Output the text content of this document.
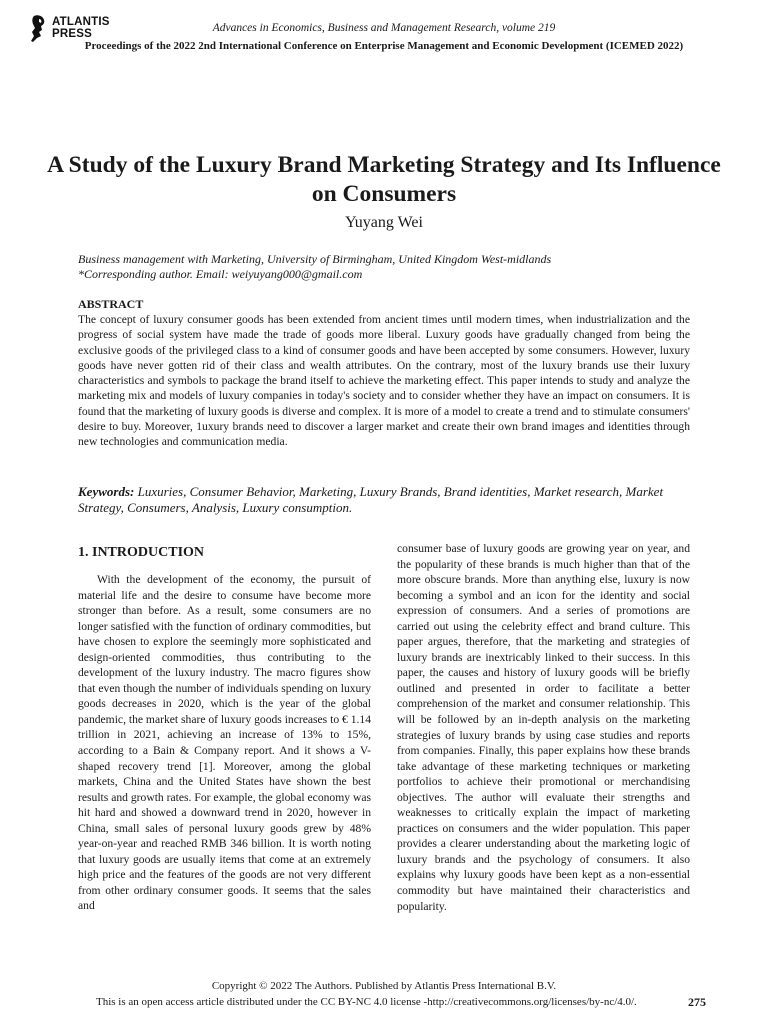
ATLANTIS
PRESS	Advances in Economics, Business and Management Research, volume 219
Proceedings of the 2022 2nd International Conference on Enterprise Management and Economic Development (ICEMED 2022)
A Study of the Luxury Brand Marketing Strategy and Its Influence on Consumers
Yuyang Wei
Business management with Marketing, University of Birmingham, United Kingdom West-midlands
*Corresponding author. Email: weiyuyang000@gmail.com
ABSTRACT

The concept of luxury consumer goods has been extended from ancient times until modern times, when industrialization and the progress of social system have made the trade of goods more liberal. Luxury goods have gradually changed from being the exclusive goods of the privileged class to a kind of consumer goods and have been accepted by some consumers. However, luxury goods have never gotten rid of their class and wealth attributes. On the contrary, most of the luxury brands use their luxury characteristics and symbols to package the brand itself to achieve the marketing effect. This paper intends to study and analyze the marketing mix and models of luxury companies in today's society and to consider whether they have an impact on consumers. It is found that the marketing of luxury goods is diverse and complex. It is more of a model to create a trend and to stimulate consumers' desire to buy. Moreover, 1uxury brands need to discover a larger market and create their own brand images and identities through new technologies and communication media.

Keywords: Luxuries, Consumer Behavior, Marketing, Luxury Brands, Brand identities, Market research, Market Strategy, Consumers, Analysis, Luxury consumption.

1. INTRODUCTION

With the development of the economy, the pursuit of material life and the desire to consume have become more stronger than before. As a result, some consumers are no longer satisfied with the function of ordinary commodities, but have chosen to explore the seemingly more sophisticated and design-oriented commodities, thus contributing to the development of the luxury industry. The macro figures show that even though the number of individuals spending on luxury goods decreases in 2020, which is the year of the global pandemic, the market share of luxury goods increases to € 1.14 trillion in 2021, achieving an increase of 13% to 15%, according to a Bain & Company report. And it shows a V-shaped recovery trend [1]. Moreover, among the global markets, China and the United States have shown the best results and growth rates. For example, the global economy was hit hard and showed a downward trend in 2020, however in China, small sales of personal luxury goods grew by 48% year-on-year and reached RMB 346 billion. It is worth noting that luxury goods are usually items that come at an extremely high price and the features of the goods are not very different from other ordinary consumer goods. It seems that the sales and

consumer base of luxury goods are growing year on year, and the popularity of these brands is much higher than that of the more obscure brands. More than anything else, luxury is now becoming a symbol and an icon for the identity and social expression of consumers. And a series of promotions are carried out using the celebrity effect and brand culture. This paper argues, therefore, that the marketing and strategies of luxury brands are inextricably linked to their success. In this paper, the causes and history of luxury goods will be briefly outlined and presented in order to facilitate a better comprehension of the market and consumer relationship. This will be followed by an in-depth analysis on the marketing strategies of luxury brands by using case studies and reports from companies. Finally, this paper explains how these brands take advantage of these marketing techniques or marketing portfolios to achieve their promotional or merchandising objectives. The author will evaluate their strengths and weaknesses to critically explain the impact of marketing practices on consumers and the wider population. This paper provides a clearer understanding about the marketing logic of luxury brands and the psychology of consumers. It also explains why luxury goods have been kept as a non-essential commodity but have maintained their characteristics and popularity.

Copyright © 2022 The Authors. Published by Atlantis Press International B.V.
This is an open access article distributed under the CC BY-NC 4.0 license -http://creativecommons.org/licenses/by-nc/4.0/.	275
